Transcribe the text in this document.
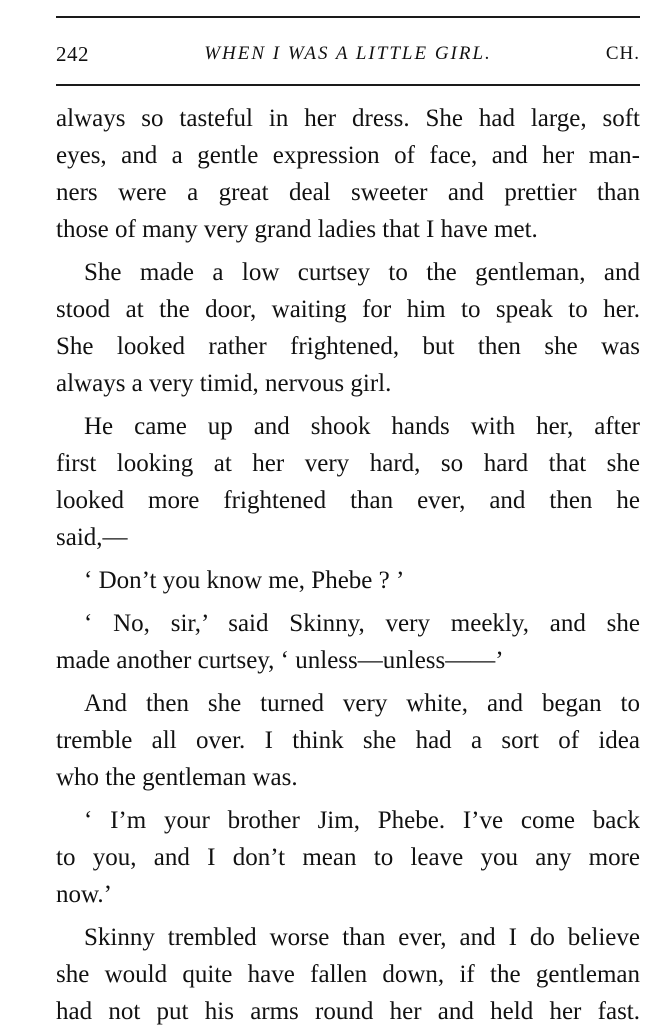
242	WHEN I WAS A LITTLE GIRL.	CH.

always so tasteful in her dress. She had large, soft
eyes, and a gentle expression of face, and her man-
ners were a great deal sweeter and prettier than
those of many very grand ladies that I have met.

She made a low curtsey to the gentleman, and
stood at the door, waiting for him to speak to her.
She looked rather frightened, but then she was
always a very timid, nervous girl.

He came up and shook hands with her, after
first looking at her very hard, so hard that she
looked more frightened than ever, and then he
said,—

‘ Don’t you know me, Phebe ? ’

‘ No, sir,’ said Skinny, very meekly, and she
made another curtsey, ‘ unless—unless——’

And then she turned very white, and began to
tremble all over. I think she had a sort of idea
who the gentleman was.

‘ I’m your brother Jim, Phebe. I’ve come back
to you, and I don’t mean to leave you any more
now.’

Skinny trembled worse than ever, and I do believe
she would quite have fallen down, if the gentleman
had not put his arms round her and held her fast.
